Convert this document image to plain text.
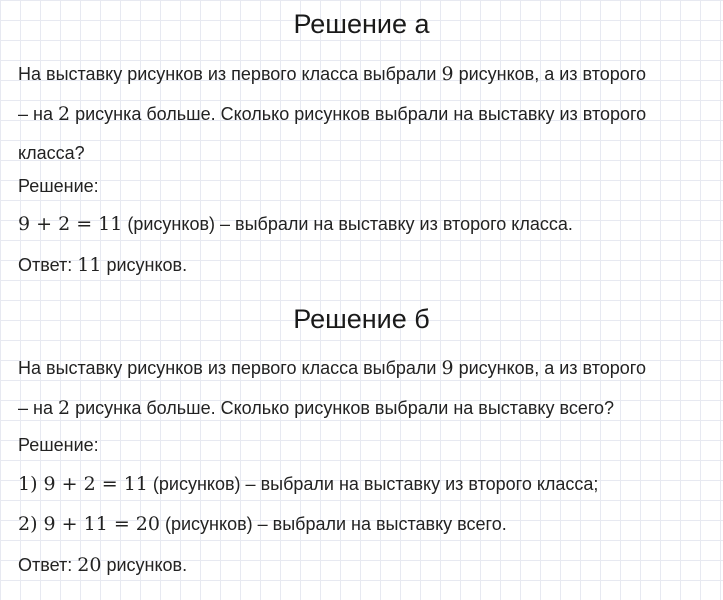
Решение а
На выставку рисунков из первого класса выбрали 9 рисунков, а из второго
– на 2 рисунка больше. Сколько рисунков выбрали на выставку из второго
класса?
Решение:
9 + 2 = 11 (рисунков) – выбрали на выставку из второго класса.
Ответ: 11 рисунков.
Решение б
На выставку рисунков из первого класса выбрали 9 рисунков, а из второго
– на 2 рисунка больше. Сколько рисунков выбрали на выставку всего?
Решение:
1) 9 + 2 = 11 (рисунков) – выбрали на выставку из второго класса;
2) 9 + 11 = 20 (рисунков) – выбрали на выставку всего.
Ответ: 20 рисунков.
